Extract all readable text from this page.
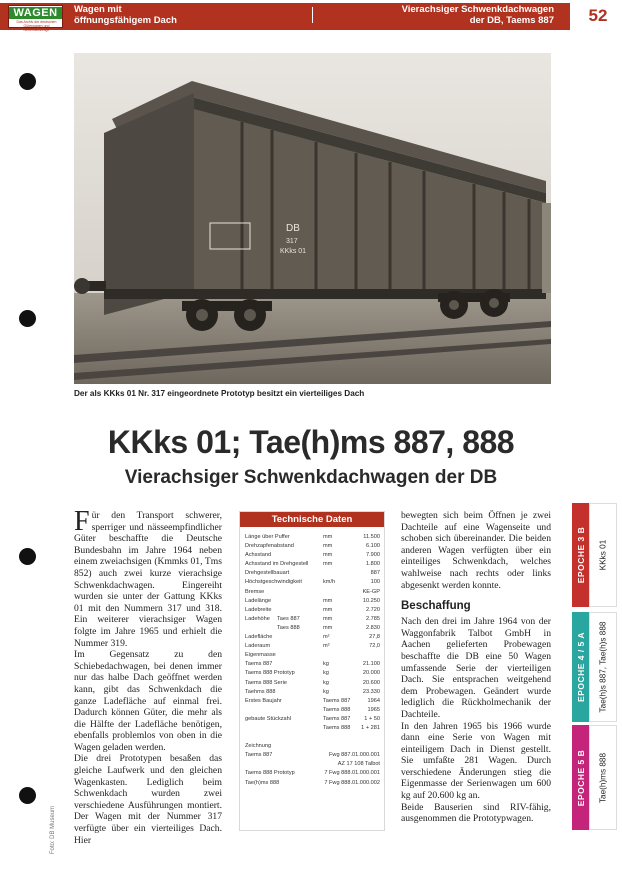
WAGEN
Das Archiv der deutschen Güterwagen und Nebenfahrzeuge
Wagen mit
öffnungsfähigem Dach
Vierachsiger Schwenkdachwagen
der DB, Taems 887	52
DB
317
KKks 01
Der als KKks 01 Nr. 317 eingeordnete Prototyp besitzt ein vierteiliges Dach
KKks 01; Tae(h)ms 887, 888
Vierachsiger Schwenkdachwagen der DB

Für den Transport schwerer, sperriger und nässeempfindlicher Güter beschaffte die Deutsche Bundesbahn im Jahre 1964 neben einem zweiachsigen (Kmmks 01, Tms 852) auch zwei kurze vierachsige Schwenkdachwagen. Eingereiht wurden sie unter der Gattung KKks 01 mit den Nummern 317 und 318. Ein weiterer vierachsiger Wagen folgte im Jahre 1965 und erhielt die Nummer 319.

Im Gegensatz zu den Schiebedachwagen, bei denen immer nur das halbe Dach geöffnet werden kann, gibt das Schwenkdach die ganze Ladefläche auf einmal frei. Dadurch können Güter, die mehr als die Hälfte der Ladefläche benötigen, ebenfalls problemlos von oben in die Wagen geladen werden.

Die drei Prototypen besaßen das gleiche Laufwerk und den gleichen Wagenkasten. Lediglich beim Schwenkdach wurden zwei verschiedene Ausführungen montiert. Der Wagen mit der Nummer 317 verfügte über ein vierteiliges Dach. Hier

Technische Daten
Länge über Puffer	mm	11.500
Drehzapfenabstand	mm	6.100
Achsstand	mm	7.900
Achsstand im Drehgestell	mm	1.800
Drehgestellbauart	887
Höchstgeschwindigkeit	km/h	100
Bremse	KE-GP
Ladelänge	mm	10.250
Ladebreite	mm	2.720
Ladehöhe Taes 887	mm	2.785
Taes 888	mm	2.830
Ladefläche	m²	27,8
Laderaum	m³	72,0
Eigenmasse
Taems 887	kg	21.100
Taems 888 Prototyp	kg	20.000
Taems 888 Serie	kg	20.600
Taehms 888	kg	23.330
Erstes Baujahr	Taems 887	1964
Taems 888	1965
gebaute Stückzahl	Taems 887 1 + 50
Taems 888 1 + 281
Zeichnung
Taems 887	Fwg 887.01.000.001
AZ 17 108 Talbot
Taems 888 Prototyp	7 Fwg 888.01.000.001
Tae(h)ms 888	7 Fwg 888.01.000.002

bewegten sich beim Öffnen je zwei Dachteile auf eine Wagenseite und schoben sich übereinander. Die beiden anderen Wagen verfügten über ein einteiliges Schwenkdach, welches wahlweise nach rechts oder links abgesenkt werden konnte.

Beschaffung

Nach den drei im Jahre 1964 von der Waggonfabrik Talbot GmbH in Aachen gelieferten Probewagen beschaffte die DB eine 50 Wagen umfassende Serie der vierteiligen Dach. Sie entsprachen weitgehend dem Probewagen. Geändert wurde lediglich die Rückholmechanik der Dachteile.

In den Jahren 1965 bis 1966 wurde dann eine Serie von Wagen mit einteiligem Dach in Dienst gestellt. Sie umfaßte 281 Wagen. Durch verschiedene Änderungen stieg die Eigenmasse der Serienwagen um 600 kg auf 20.600 kg an.

Beide Bauserien sind RIV-fähig, ausgenommen die Prototypwagen.

EPOCHE 3 B KKks 01
EPOCHE 4 / 5 A Tae(h)s 887, Tae(h)s 888
EPOCHE 5 B Tae(h)ms 888
Foto: DB Museum
